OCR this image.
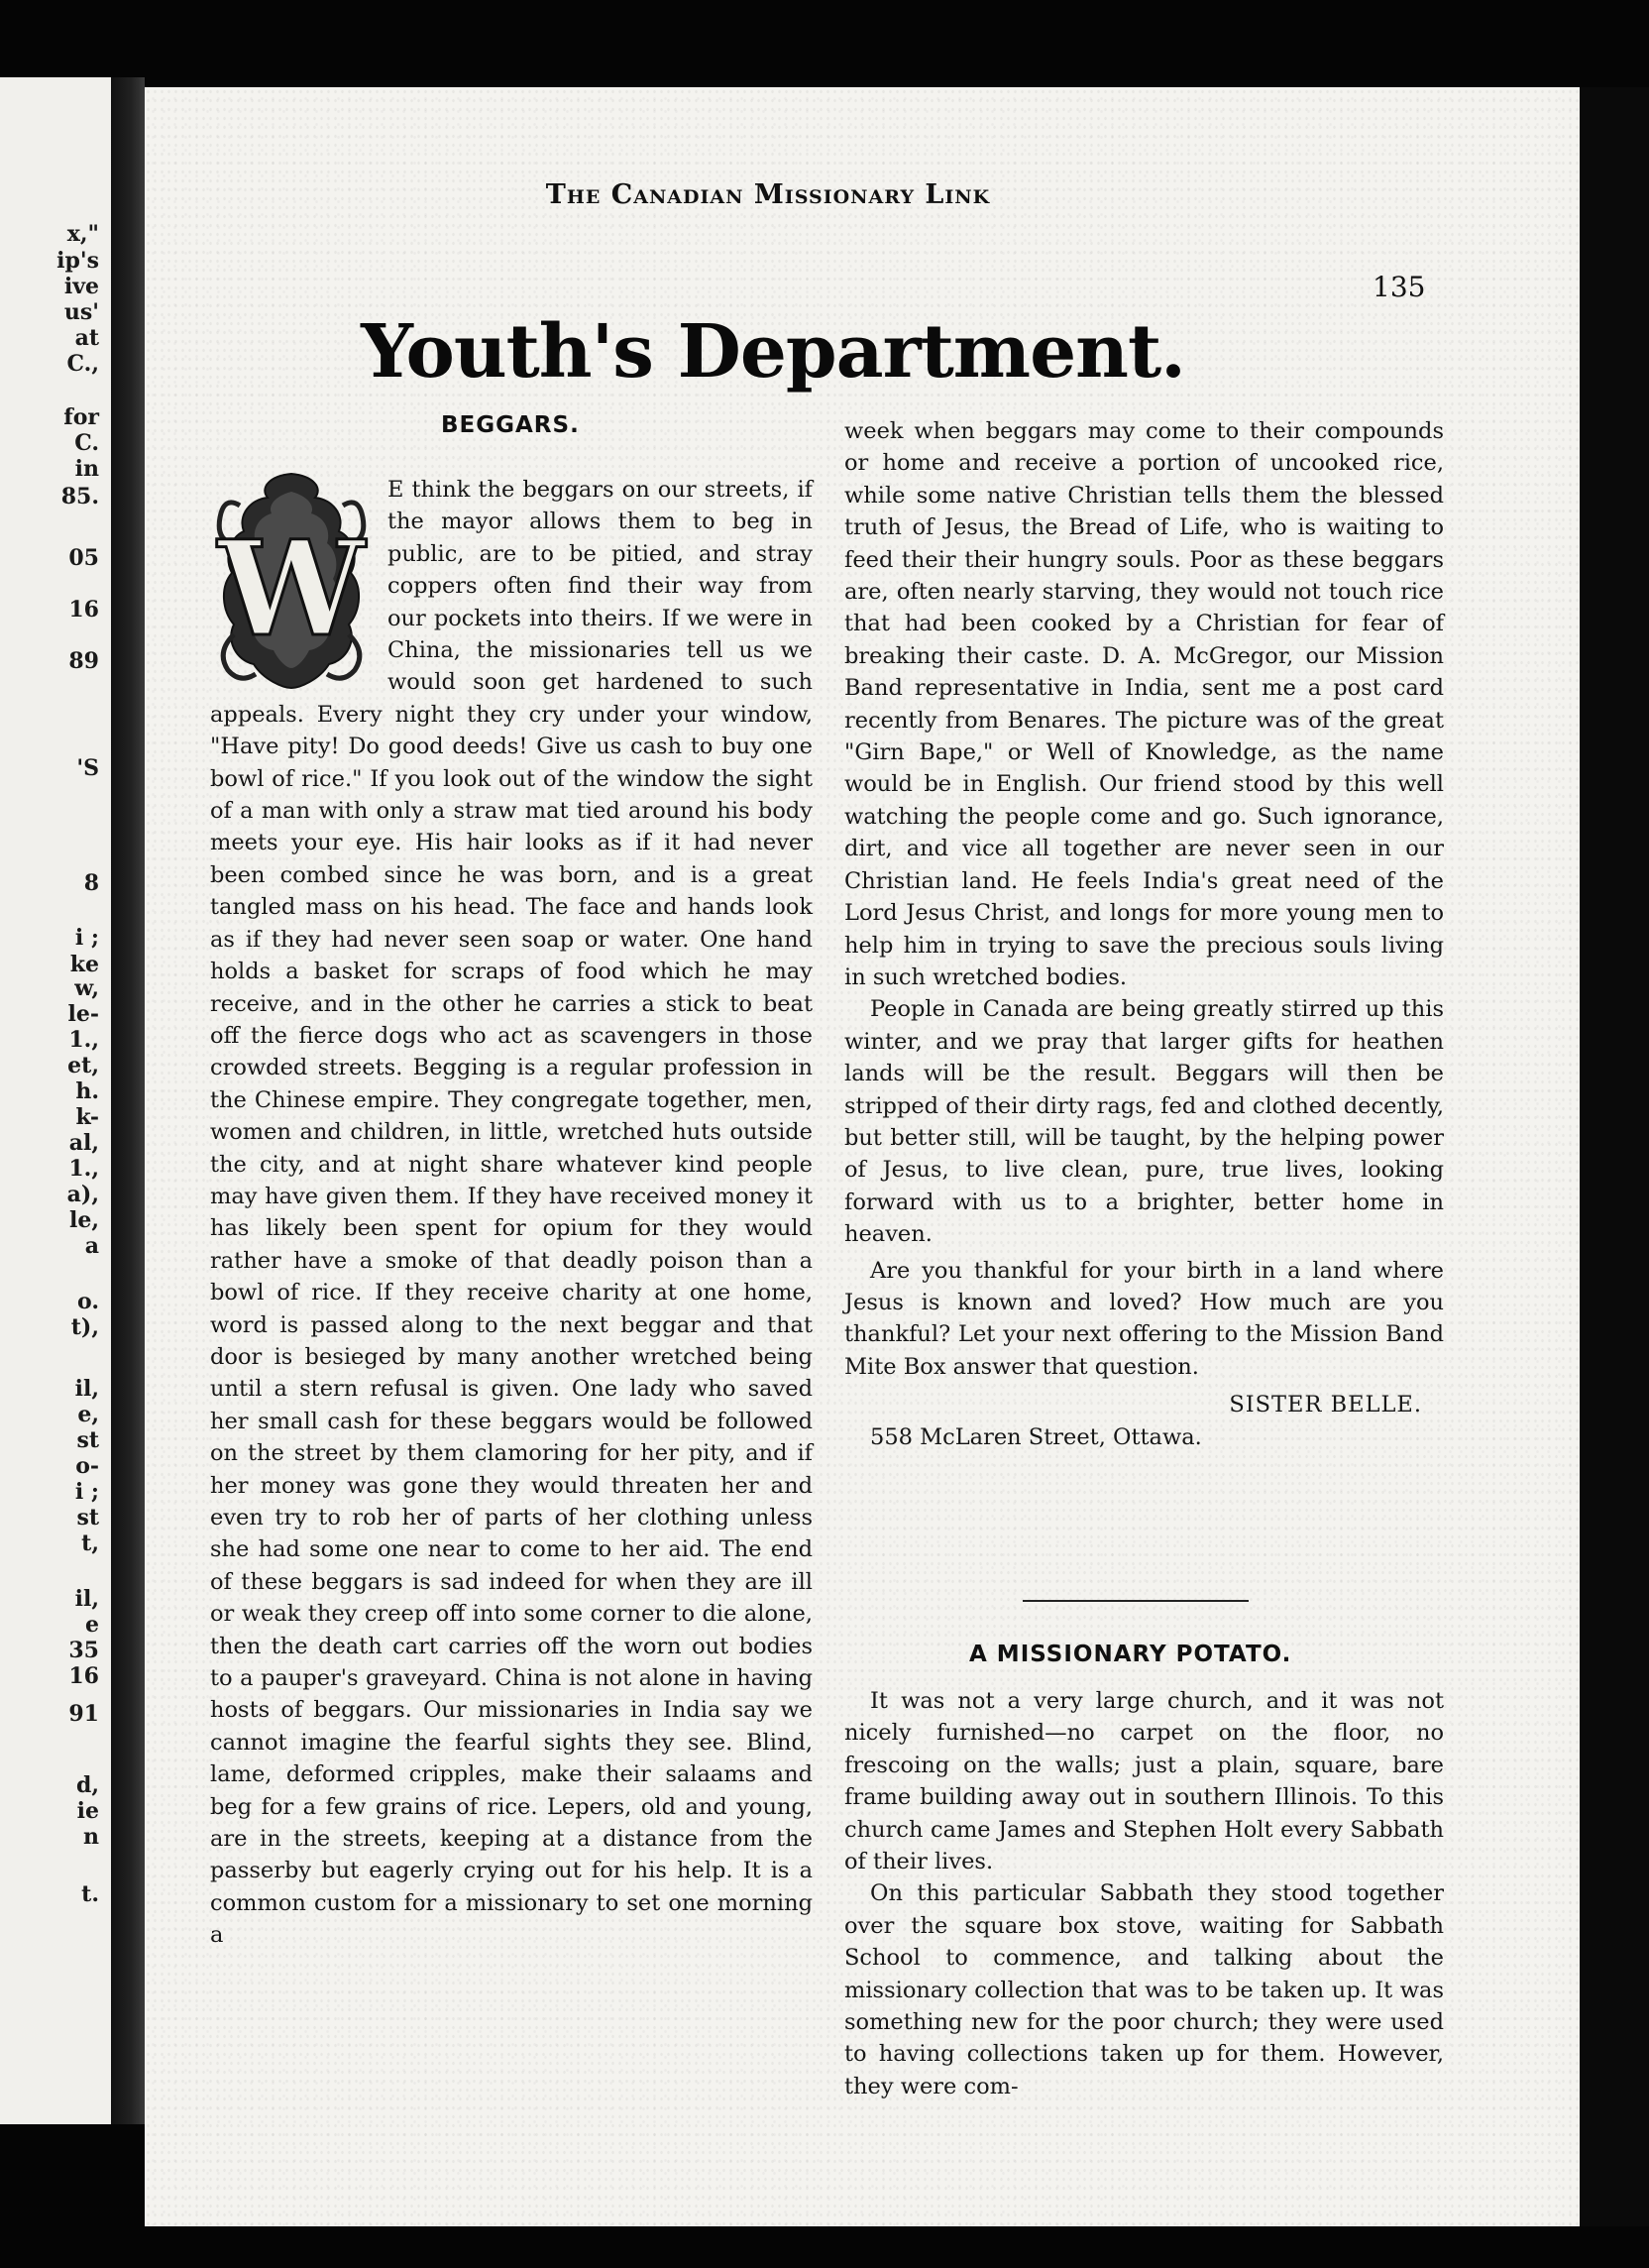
x,"
ip's
ive
us'
at
C.,
for
C.
in
85.
05
16
89
'S
8
i ;
ke
w,
le-
1.,
et,
h.
k-
al,
1.,
a),
le,
a
o.
t),
il,
e,
st
o-
i ;
st
t,
il,
e
35
16
91
d,
ie
n
t.
The Canadian Missionary Link
135
Youth's Department.
BEGGARS.
W

E think the beggars on our streets, if the mayor allows them to beg in public, are to be pitied, and stray coppers often find their way from our pockets into theirs. If we were in China, the missionaries tell us we would soon get hardened to such appeals. Every night they cry under your window, "Have pity! Do good deeds! Give us cash to buy one bowl of rice." If you look out of the window the sight of a man with only a straw mat tied around his body meets your eye. His hair looks as if it had never been combed since he was born, and is a great tangled mass on his head. The face and hands look as if they had never seen soap or water. One hand holds a basket for scraps of food which he may receive, and in the other he carries a stick to beat off the fierce dogs who act as scavengers in those crowded streets. Begging is a regular profession in the Chinese empire. They congregate together, men, women and children, in little, wretched huts outside the city, and at night share whatever kind people may have given them. If they have received money it has likely been spent for opium for they would rather have a smoke of that deadly poison than a bowl of rice. If they receive charity at one home, word is passed along to the next beggar and that door is besieged by many another wretched being until a stern refusal is given. One lady who saved her small cash for these beggars would be followed on the street by them clamoring for her pity, and if her money was gone they would threaten her and even try to rob her of parts of her clothing unless she had some one near to come to her aid. The end of these beggars is sad indeed for when they are ill or weak they creep off into some corner to die alone, then the death cart carries off the worn out bodies to a pauper's graveyard. China is not alone in having hosts of beggars. Our missionaries in India say we cannot imagine the fearful sights they see. Blind, lame, deformed cripples, make their salaams and beg for a few grains of rice. Lepers, old and young, are in the streets, keeping at a distance from the passerby but eagerly crying out for his help. It is a common custom for a missionary to set one morning a

week when beggars may come to their compounds or home and receive a portion of uncooked rice, while some native Christian tells them the blessed truth of Jesus, the Bread of Life, who is waiting to feed their their hungry souls. Poor as these beggars are, often nearly starving, they would not touch rice that had been cooked by a Christian for fear of breaking their caste. D. A. McGregor, our Mission Band representative in India, sent me a post card recently from Benares. The picture was of the great "Girn Bape," or Well of Knowledge, as the name would be in English. Our friend stood by this well watching the people come and go. Such ignorance, dirt, and vice all together are never seen in our Christian land. He feels India's great need of the Lord Jesus Christ, and longs for more young men to help him in trying to save the precious souls living in such wretched bodies.

People in Canada are being greatly stirred up this winter, and we pray that larger gifts for heathen lands will be the result. Beggars will then be stripped of their dirty rags, fed and clothed decently, but better still, will be taught, by the helping power of Jesus, to live clean, pure, true lives, looking forward with us to a brighter, better home in heaven.

Are you thankful for your birth in a land where Jesus is known and loved? How much are you thankful? Let your next offering to the Mission Band Mite Box answer that question.

SISTER BELLE.

558 McLaren Street, Ottawa.

A MISSIONARY POTATO.

It was not a very large church, and it was not nicely furnished—no carpet on the floor, no frescoing on the walls; just a plain, square, bare frame building away out in southern Illinois. To this church came James and Stephen Holt every Sabbath of their lives.

On this particular Sabbath they stood together over the square box stove, waiting for Sabbath School to commence, and talking about the missionary collection that was to be taken up. It was something new for the poor church; they were used to having collections taken up for them. However, they were com-
